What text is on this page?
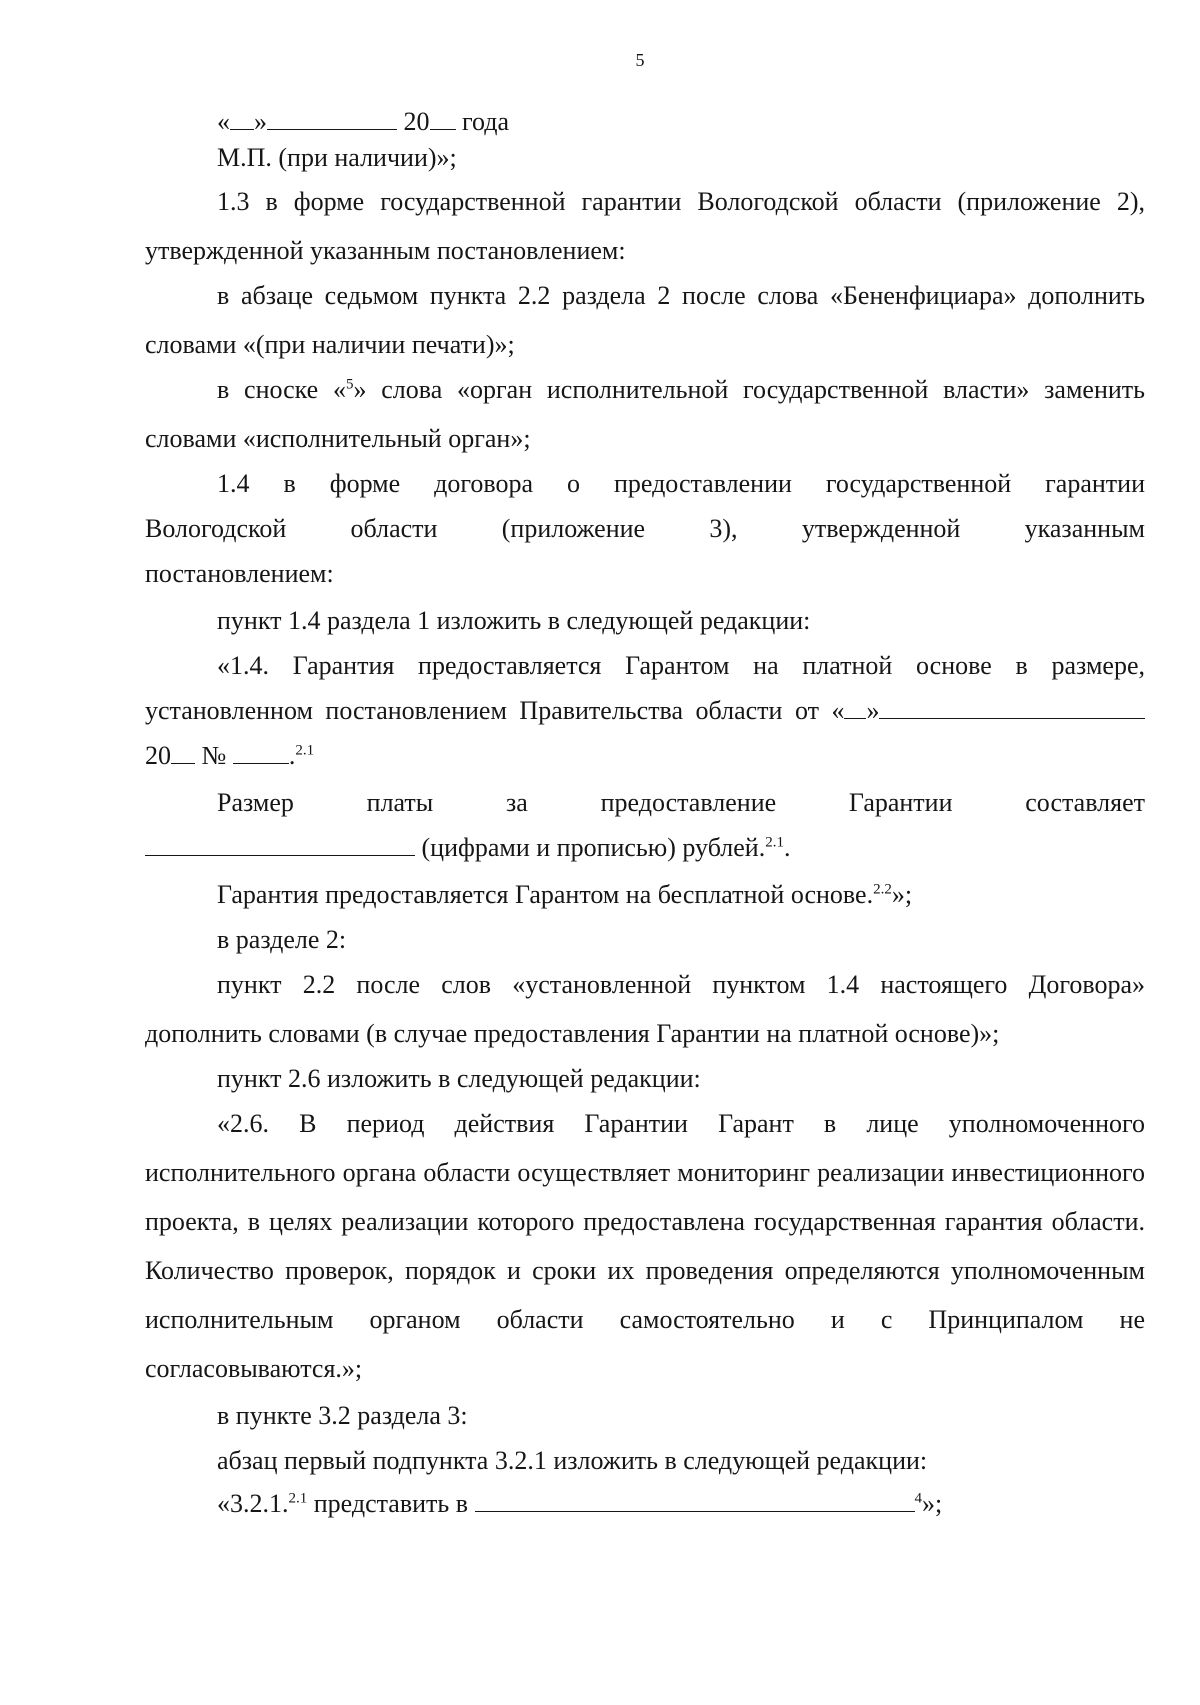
5

« »	20 года

М.П. (при наличии)»;

1.3 в форме государственной гарантии Вологодской области (приложение 2), утвержденной указанным постановлением:

в абзаце седьмом пункта 2.2 раздела 2 после слова «Бененфициара» дополнить словами «(при наличии печати)»;

в сноске «$^5$» слова «орган исполнительной государственной власти» заменить словами «исполнительный орган»;

1.4 в форме договора о предоставлении государственной гарантии

Вологодской области (приложение 3), утвержденной указанным

постановлением:

пункт 1.4 раздела 1 изложить в следующей редакции:

«1.4. Гарантия предоставляется Гарантом на платной основе в размере,

установленном постановлением Правительства области от « »

20 № .$^{2.1}$

Размер платы за предоставление Гарантии составляет

(цифрами и прописью) рублей.$^{2.1}$.

Гарантия предоставляется Гарантом на бесплатной основе.$^{2.2}$»;

в разделе 2:

пункт 2.2 после слов «установленной пунктом 1.4 настоящего Договора» дополнить словами (в случае предоставления Гарантии на платной основе)»;

пункт 2.6 изложить в следующей редакции:

«2.6. В период действия Гарантии Гарант в лице уполномоченного исполнительного органа области осуществляет мониторинг реализации инвестиционного проекта, в целях реализации которого предоставлена государственная гарантия области. Количество проверок, порядок и сроки их проведения определяются уполномоченным исполнительным органом области самостоятельно и с Принципалом не согласовываются.»;

в пункте 3.2 раздела 3:

абзац первый подпункта 3.2.1 изложить в следующей редакции:

«3.2.1.$^{2.1}$ представить в	$^4$»;
